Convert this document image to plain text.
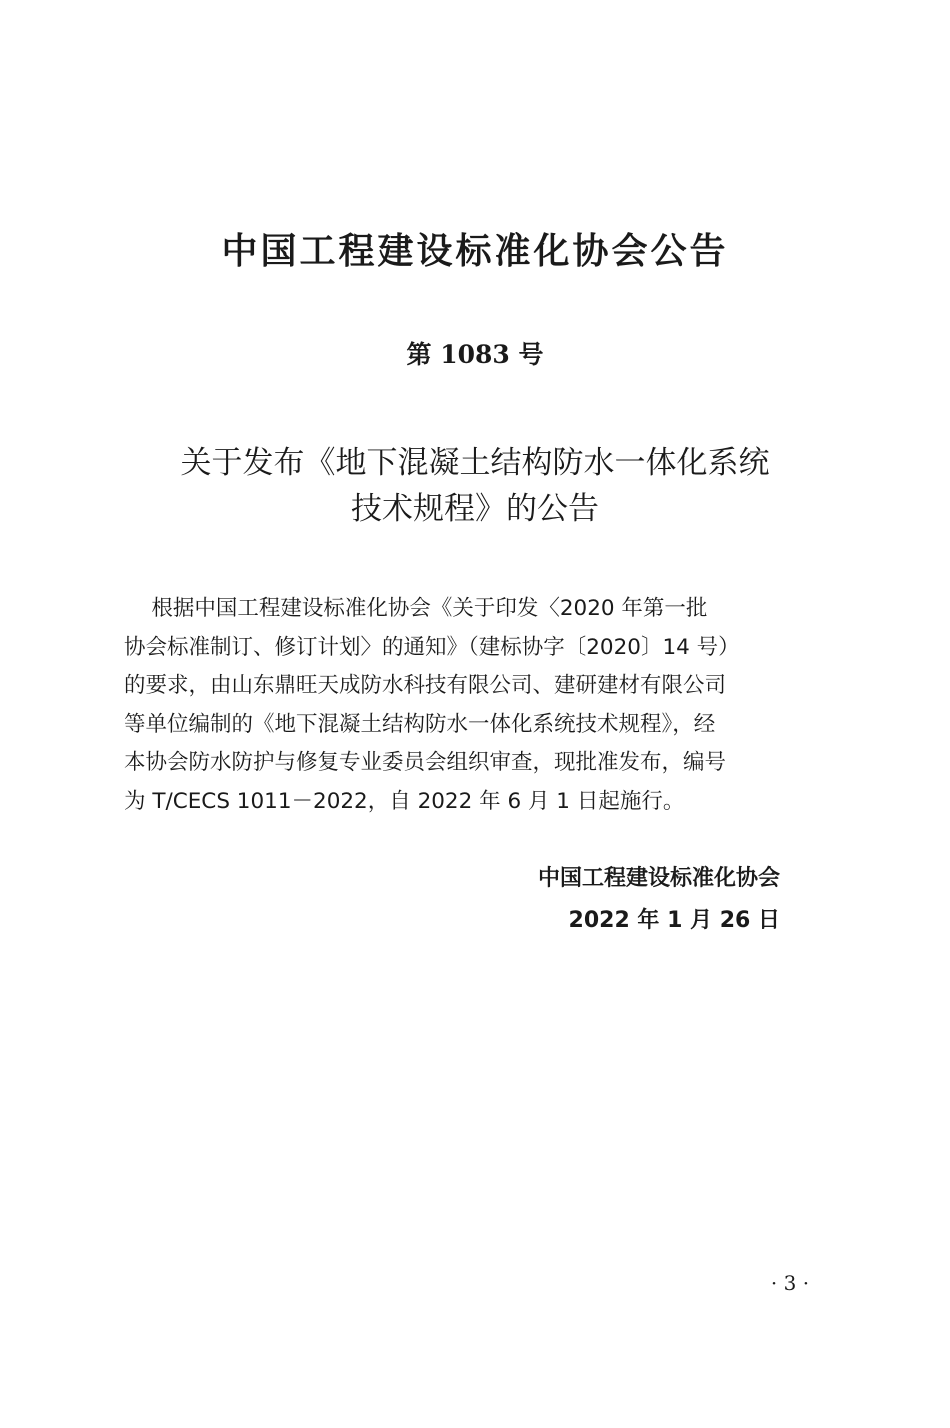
中国工程建设标准化协会公告
第 1083 号
关于发布《地下混凝土结构防水一体化系统
技术规程》的公告
根据中国工程建设标准化协会《关于印发〈2020 年第一批
协会标准制订、修订计划〉的通知》（建标协字〔2020〕14 号）
的要求，由山东鼎旺天成防水科技有限公司、建研建材有限公司
等单位编制的《地下混凝土结构防水一体化系统技术规程》，经
本协会防水防护与修复专业委员会组织审查，现批准发布，编号
为 T/CECS 1011－2022，自 2022 年 6 月 1 日起施行。
中国工程建设标准化协会
2022 年 1 月 26 日
· 3 ·
